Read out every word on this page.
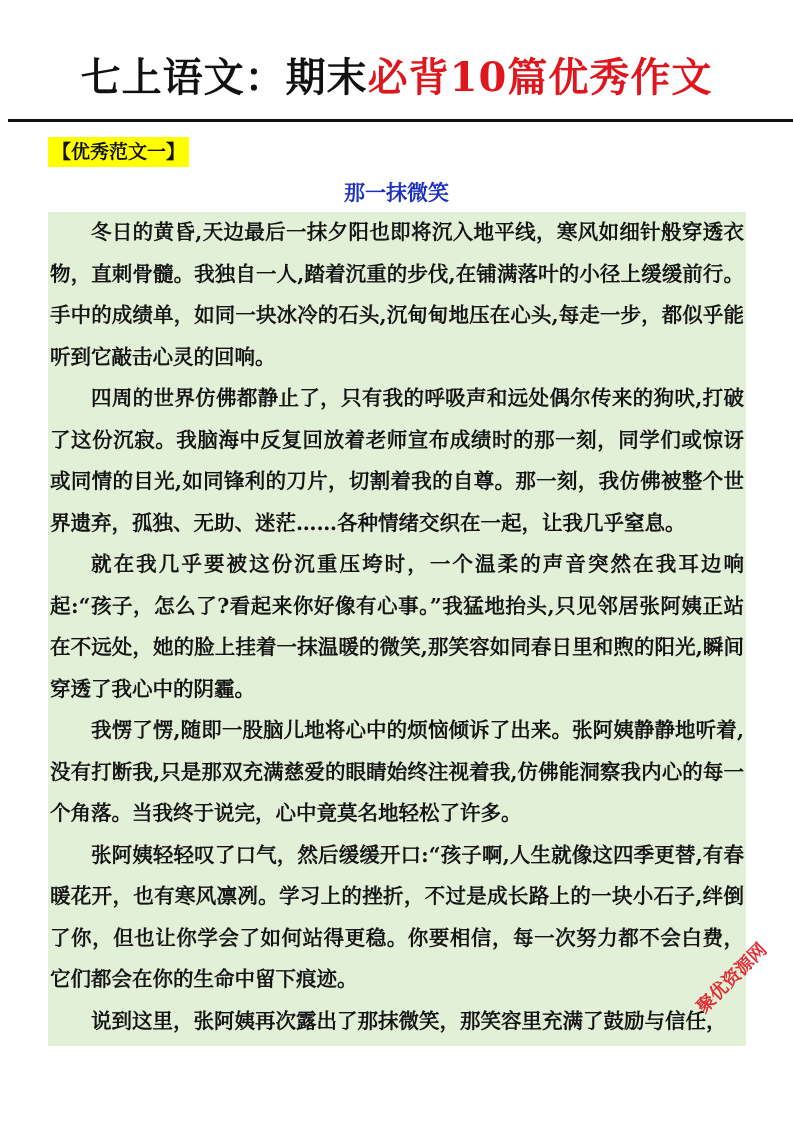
七上语文：期末必背10篇优秀作文
【优秀范文一】
那一抹微笑

冬日的黄昏,天边最后一抹夕阳也即将沉入地平线，寒风如细针般穿透衣物，直刺骨髓。我独自一人,踏着沉重的步伐,在铺满落叶的小径上缓缓前行。手中的成绩单，如同一块冰冷的石头,沉甸甸地压在心头,每走一步，都似乎能听到它敲击心灵的回响。

四周的世界仿佛都静止了，只有我的呼吸声和远处偶尔传来的狗吠,打破了这份沉寂。我脑海中反复回放着老师宣布成绩时的那一刻，同学们或惊讶或同情的目光,如同锋利的刀片，切割着我的自尊。那一刻，我仿佛被整个世界遗弃，孤独、无助、迷茫……各种情绪交织在一起，让我几乎窒息。

就在我几乎要被这份沉重压垮时，一个温柔的声音突然在我耳边响起:“孩子，怎么了?看起来你好像有心事。”我猛地抬头,只见邻居张阿姨正站在不远处，她的脸上挂着一抹温暖的微笑,那笑容如同春日里和煦的阳光,瞬间穿透了我心中的阴霾。

我愣了愣,随即一股脑儿地将心中的烦恼倾诉了出来。张阿姨静静地听着,没有打断我,只是那双充满慈爱的眼睛始终注视着我,仿佛能洞察我内心的每一个角落。当我终于说完，心中竟莫名地轻松了许多。

张阿姨轻轻叹了口气，然后缓缓开口:“孩子啊,人生就像这四季更替,有春暖花开，也有寒风凛冽。学习上的挫折，不过是成长路上的一块小石子,绊倒了你，但也让你学会了如何站得更稳。你要相信，每一次努力都不会白费，它们都会在你的生命中留下痕迹。

说到这里，张阿姨再次露出了那抹微笑，那笑容里充满了鼓励与信任，

聚优资源网
